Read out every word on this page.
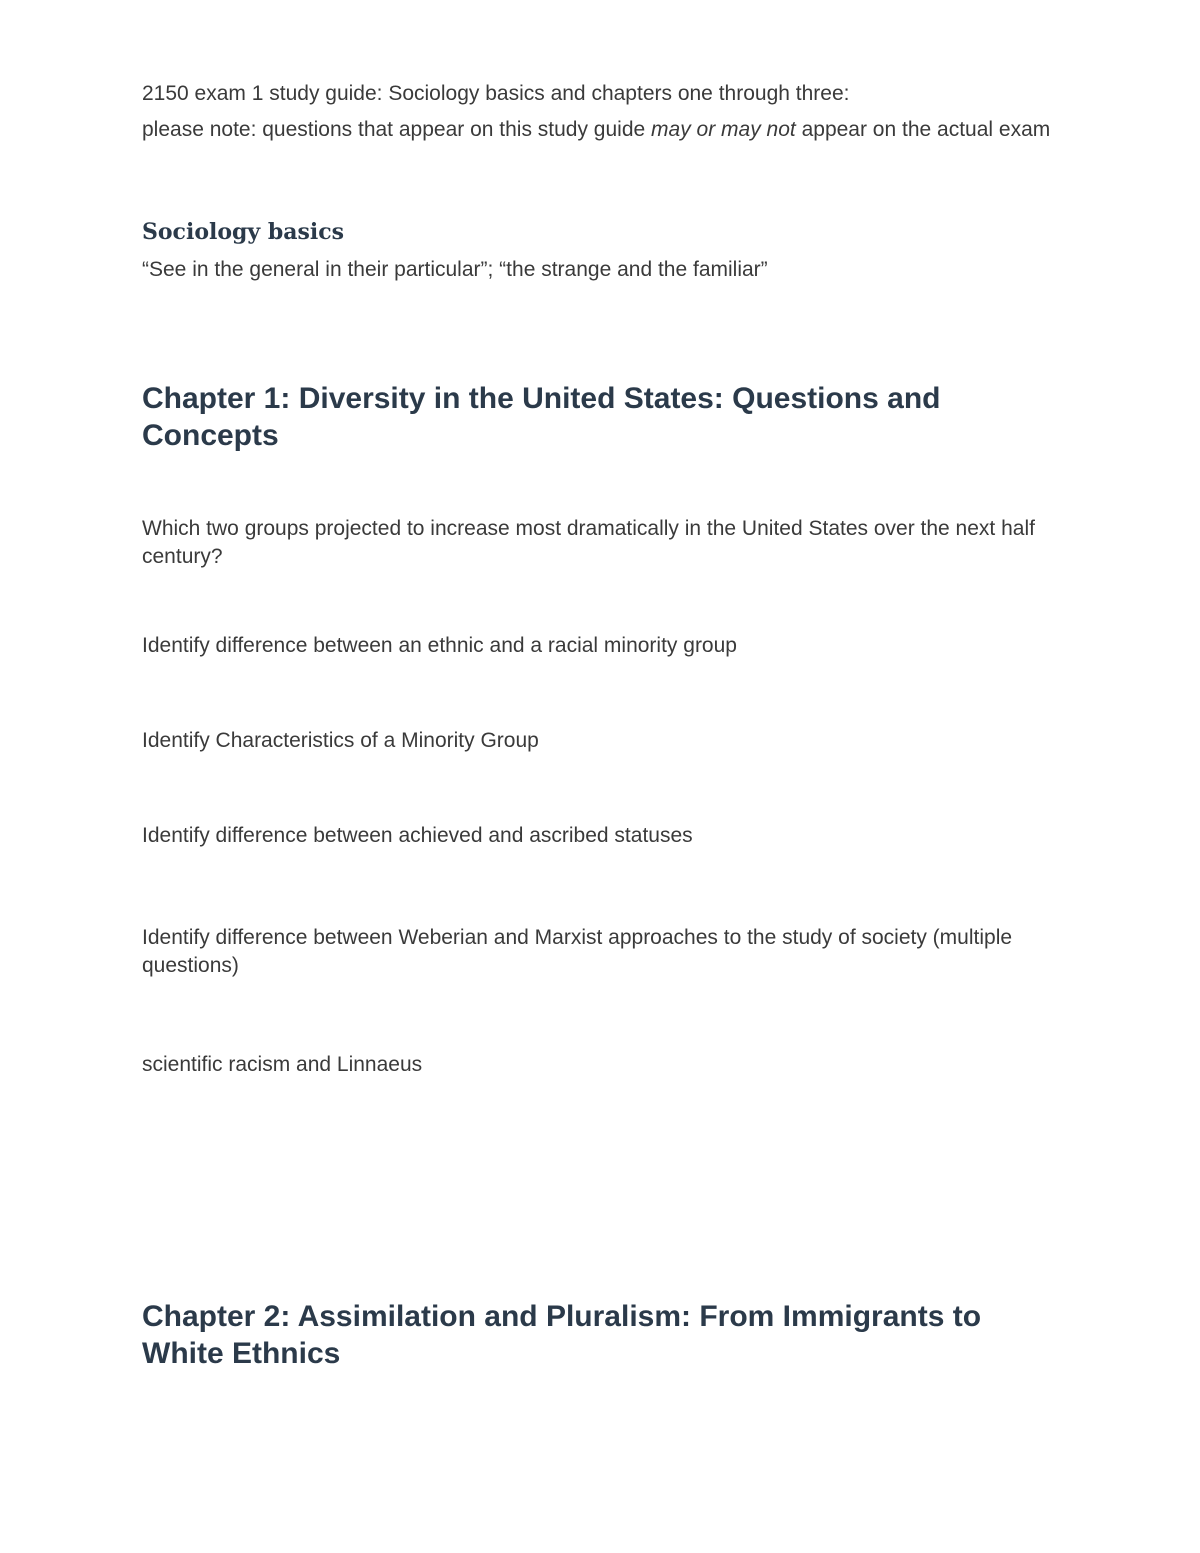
2150 exam 1 study guide: Sociology basics and chapters one through three:

please note: questions that appear on this study guide may or may not appear on the actual exam

Sociology basics

“See in the general in their particular”; “the strange and the familiar”

Chapter 1: Diversity in the United States: Questions and Concepts

Which two groups projected to increase most dramatically in the United States over the next half century?

Identify difference between an ethnic and a racial minority group

Identify Characteristics of a Minority Group

Identify difference between achieved and ascribed statuses

Identify difference between Weberian and Marxist approaches to the study of society (multiple questions)

scientific racism and Linnaeus

Chapter 2: Assimilation and Pluralism: From Immigrants to White Ethnics
